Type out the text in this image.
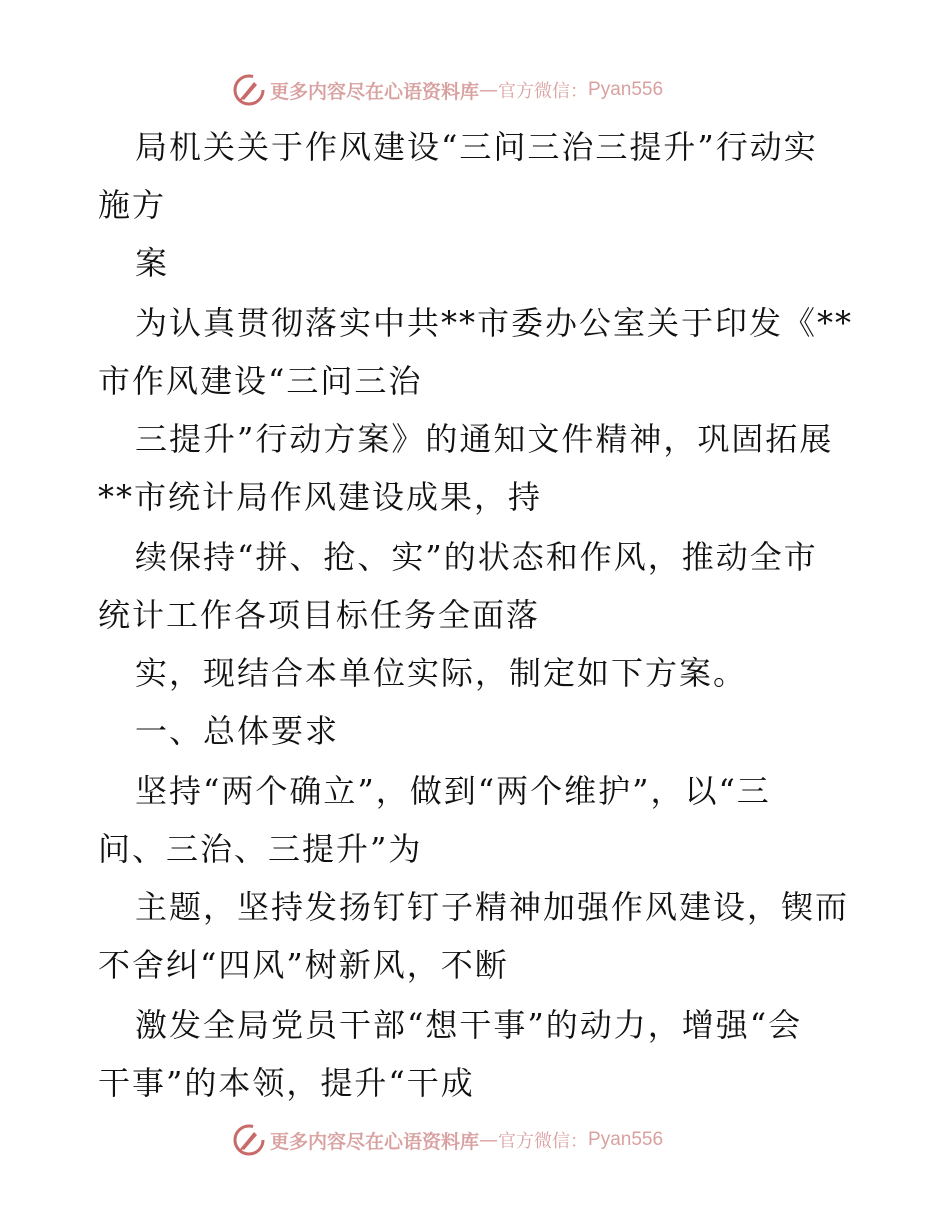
更多内容尽在心语资料库 — 官方微信： Pyan556
局机关关于作风建设“三问三治三提升”行动实
施方
案
为认真贯彻落实中共**市委办公室关于印发《**
市作风建设“三问三治
三提升”行动方案》的通知文件精神，巩固拓展
**市统计局作风建设成果，持
续保持“拼、抢、实”的状态和作风，推动全市
统计工作各项目标任务全面落
实，现结合本单位实际，制定如下方案。
一、总体要求
坚持“两个确立”，做到“两个维护”，以“三
问、三治、三提升”为
主题，坚持发扬钉钉子精神加强作风建设，锲而
不舍纠“四风”树新风，不断
激发全局党员干部“想干事”的动力，增强“会
干事”的本领，提升“干成
更多内容尽在心语资料库 — 官方微信： Pyan556
